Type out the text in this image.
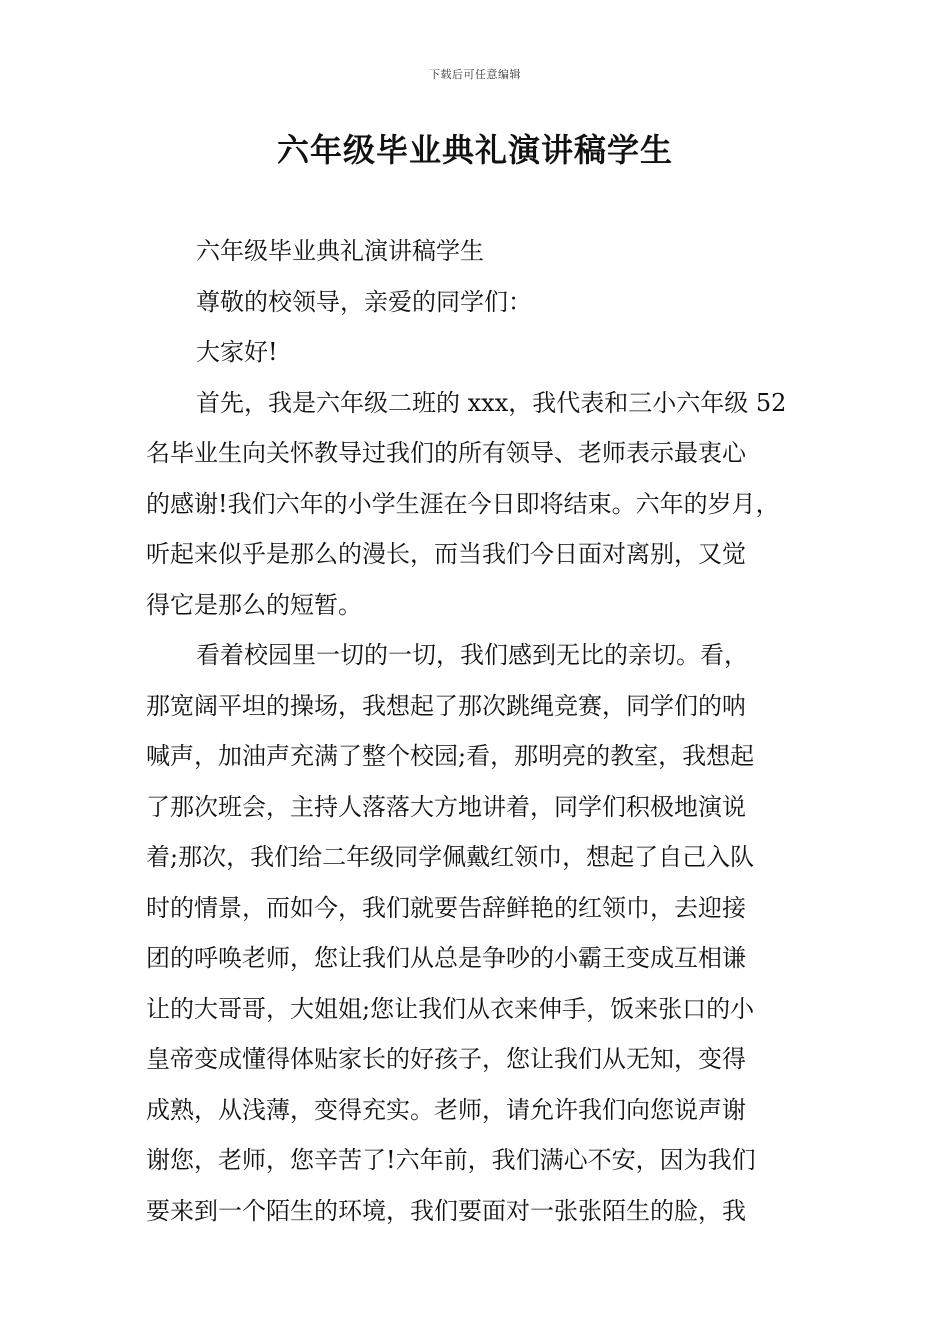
下载后可任意编辑
六年级毕业典礼演讲稿学生
六年级毕业典礼演讲稿学生
尊敬的校领导，亲爱的同学们：
大家好!
首先，我是六年级二班的 xxx，我代表和三小六年级 52
名毕业生向关怀教导过我们的所有领导、老师表示最衷心
的感谢!我们六年的小学生涯在今日即将结束。六年的岁月，
听起来似乎是那么的漫长，而当我们今日面对离别，又觉
得它是那么的短暂。
看着校园里一切的一切，我们感到无比的亲切。看，
那宽阔平坦的操场，我想起了那次跳绳竞赛，同学们的呐
喊声，加油声充满了整个校园;看，那明亮的教室，我想起
了那次班会，主持人落落大方地讲着，同学们积极地演说
着;那次，我们给二年级同学佩戴红领巾，想起了自己入队
时的情景，而如今，我们就要告辞鲜艳的红领巾，去迎接
团的呼唤老师，您让我们从总是争吵的小霸王变成互相谦
让的大哥哥，大姐姐;您让我们从衣来伸手，饭来张口的小
皇帝变成懂得体贴家长的好孩子，您让我们从无知，变得
成熟，从浅薄，变得充实。老师，请允许我们向您说声谢
谢您，老师，您辛苦了!六年前，我们满心不安，因为我们
要来到一个陌生的环境，我们要面对一张张陌生的脸，我
